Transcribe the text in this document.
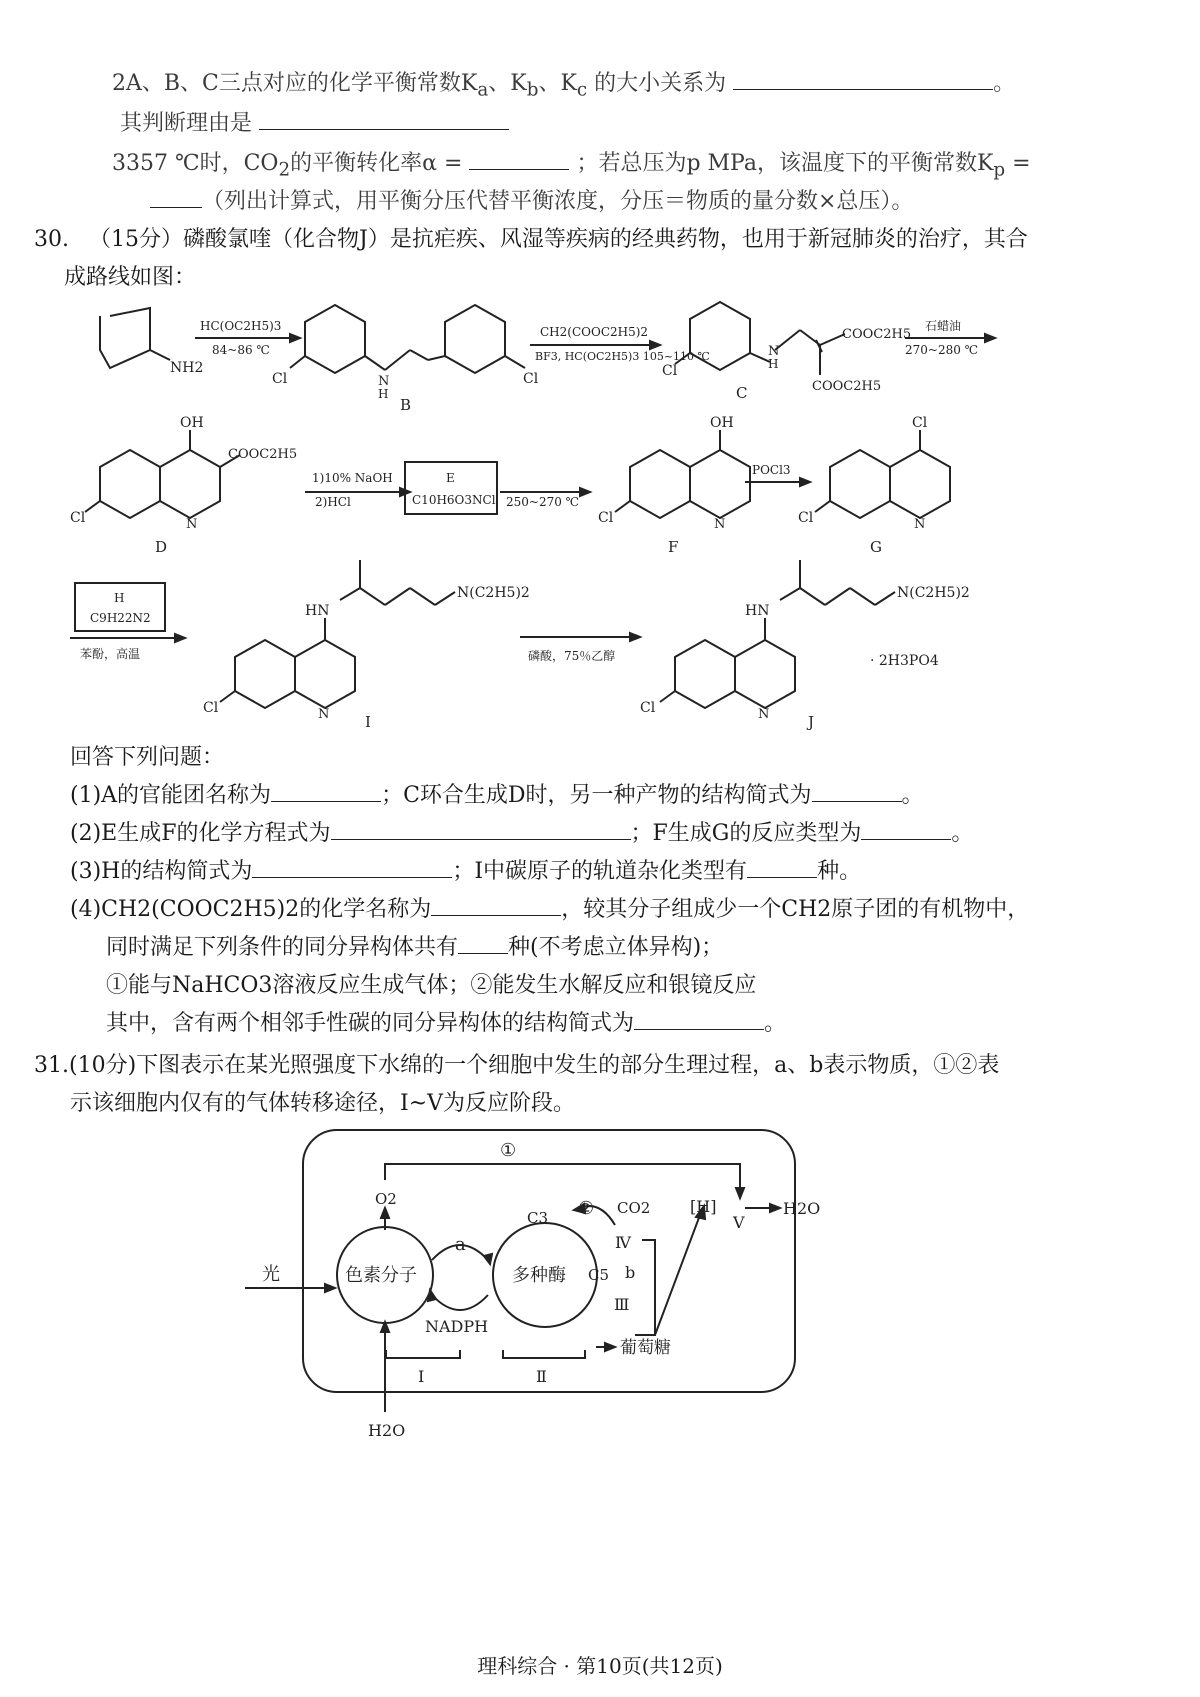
2A、B、C三点对应的化学平衡常数$K_a$、$K_b$、$K_c$ 的大小关系为	。
其判断理由是
3357 ℃时，$CO_2$的平衡转化率α =	；若总压为p MPa，该温度下的平衡常数$K_p$ =
（列出计算式，用平衡分压代替平衡浓度，分压＝物质的量分数×总压）。
30. （15分）磷酸氯喹（化合物J）是抗疟疾、风湿等疾病的经典药物，也用于新冠肺炎的治疗，其合
成路线如图：
NH2
Cl	N
H
Cl
B
Cl
N
H
COOC2H5
COOC2H5
C
OH
COOC2H5
N
Cl
D
OH
N
Cl
F
Cl
N
Cl
G
HN
N(C2H5)2
N
Cl
I
HN
N(C2H5)2
N
Cl
· 2H3PO4
J
HC(OC2H5)3
84~86 ℃
CH2(COOC2H5)2
BF3, HC(OC2H5)3 105~110 ℃
石蜡油
270~280 ℃
1)10% NaOH
2)HCl
E
C10H6O3NCl 250~270 ℃
POCl3
H
C9H22N2
苯酚，高温	磷酸，75％乙醇
回答下列问题：
(1)A的官能团名称为	；C环合生成D时，另一种产物的结构简式为	。
(2)E生成F的化学方程式为	；F生成G的反应类型为	。
(3)H的结构简式为	；I中碳原子的轨道杂化类型有	种。
(4)CH2(COOC2H5)2的化学名称为	，较其分子组成少一个CH2原子团的有机物中，
同时满足下列条件的同分异构体共有 种(不考虑立体异构)；
①能与NaHCO3溶液反应生成气体；②能发生水解反应和银镜反应
其中，含有两个相邻手性碳的同分异构体的结构简式为	。
31.(10分)下图表示在某光照强度下水绵的一个细胞中发生的部分生理过程，a、b表示物质，①②表
示该细胞内仅有的气体转移途径，Ⅰ~Ⅴ为反应阶段。
①
②
O2
光	色素分子
a
NADPH
多种酶
C3
C5
CO2 [H]
Ⅴ
H2O
Ⅳ
b
Ⅲ
葡萄糖
Ⅰ	Ⅱ
H2O
理科综合 · 第10页(共12页)
